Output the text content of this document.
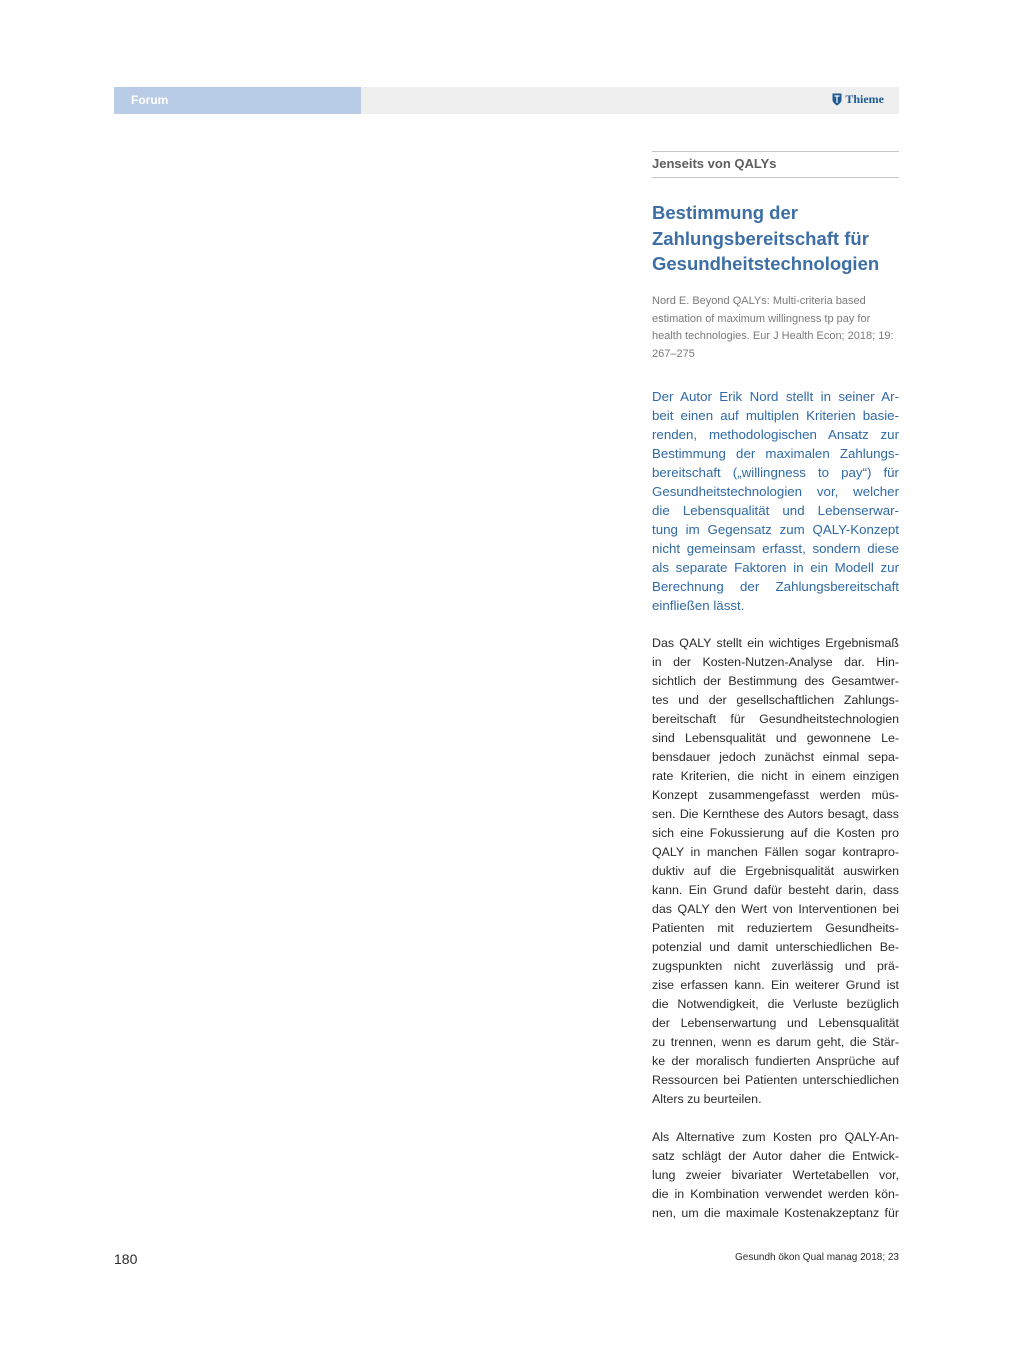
Forum	Thieme
Jenseits von QALYs
Bestimmung der
Zahlungsbereitschaft für
Gesundheitstechnologien

Nord E. Beyond QALYs: Multi-criteria based
estimation of maximum willingness tp pay for
health technologies. Eur J Health Econ; 2018; 19:
267–275

Der Autor Erik Nord stellt in seiner Ar-
beit einen auf multiplen Kriterien basie-
renden, methodologischen Ansatz zur
Bestimmung der maximalen Zahlungs-
bereitschaft („willingness to pay“) für
Gesundheitstechnologien vor, welcher
die Lebensqualität und Lebenserwar-
tung im Gegensatz zum QALY-Konzept
nicht gemeinsam erfasst, sondern diese
als separate Faktoren in ein Modell zur
Berechnung der Zahlungsbereitschaft
einfließen lässt.

Das QALY stellt ein wichtiges Ergebnismaß
in der Kosten-Nutzen-Analyse dar. Hin-
sichtlich der Bestimmung des Gesamtwer-
tes und der gesellschaftlichen Zahlungs-
bereitschaft für Gesundheitstechnologien
sind Lebensqualität und gewonnene Le-
bensdauer jedoch zunächst einmal sepa-
rate Kriterien, die nicht in einem einzigen
Konzept zusammengefasst werden müs-
sen. Die Kernthese des Autors besagt, dass
sich eine Fokussierung auf die Kosten pro
QALY in manchen Fällen sogar kontrapro-
duktiv auf die Ergebnisqualität auswirken
kann. Ein Grund dafür besteht darin, dass
das QALY den Wert von Interventionen bei
Patienten mit reduziertem Gesundheits-
potenzial und damit unterschiedlichen Be-
zugspunkten nicht zuverlässig und prä-
zise erfassen kann. Ein weiterer Grund ist
die Notwendigkeit, die Verluste bezüglich
der Lebenserwartung und Lebensqualität
zu trennen, wenn es darum geht, die Stär-
ke der moralisch fundierten Ansprüche auf
Ressourcen bei Patienten unterschiedlichen
Alters zu beurteilen.

Als Alternative zum Kosten pro QALY-An-
satz schlägt der Autor daher die Entwick-
lung zweier bivariater Wertetabellen vor,
die in Kombination verwendet werden kön-
nen, um die maximale Kostenakzeptanz für

180	Gesundh ökon Qual manag 2018; 23
